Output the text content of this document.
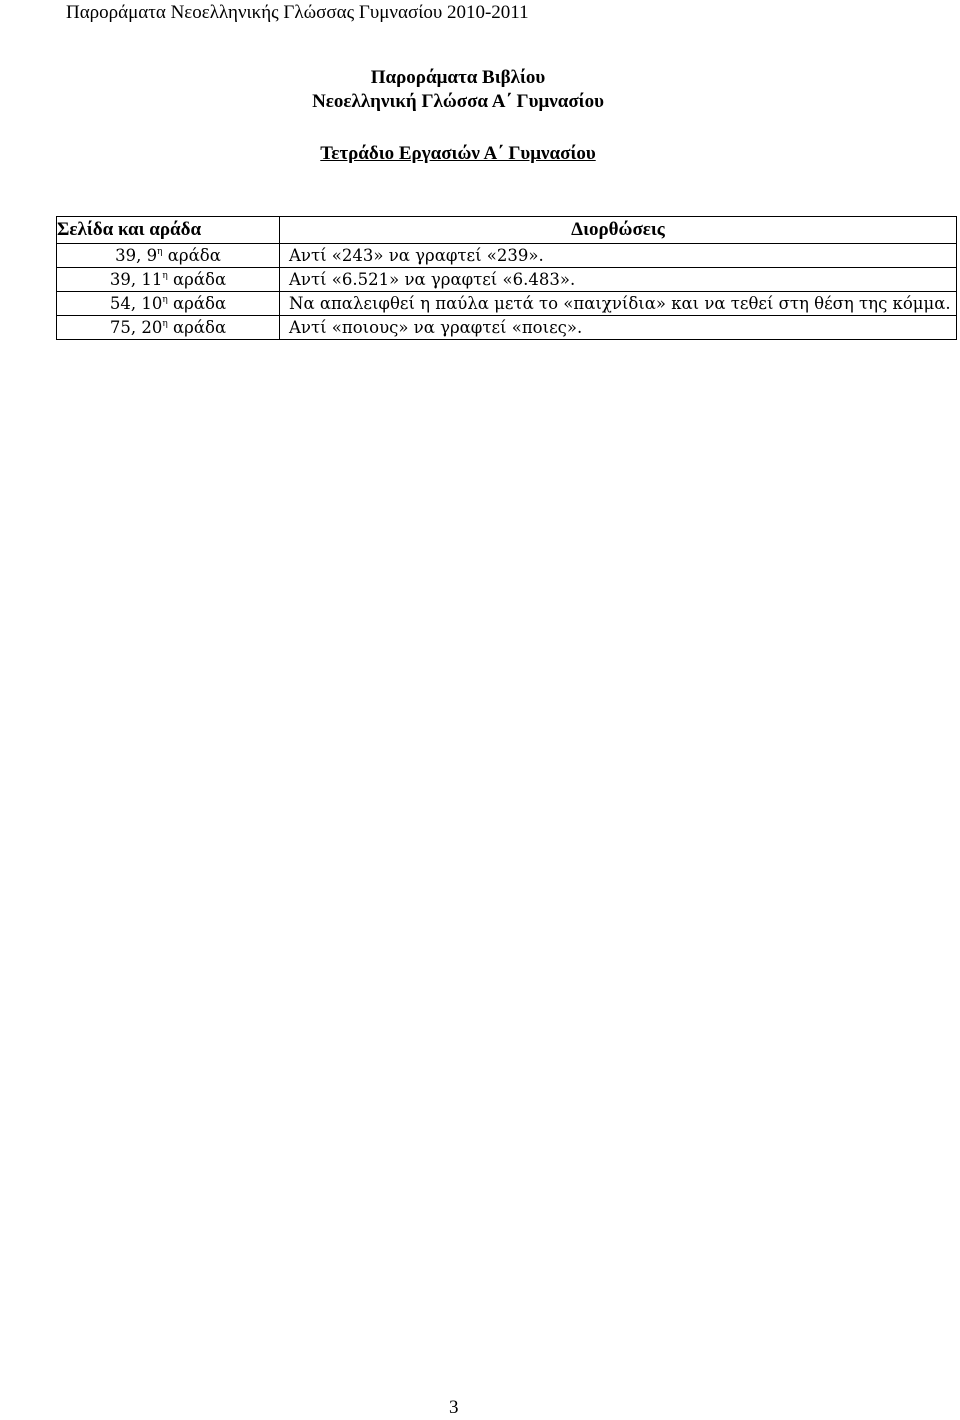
Παροράματα Νεοελληνικής Γλώσσας Γυμνασίου 2010-2011
Παροράματα Βιβλίου
Νεοελληνική Γλώσσα Α΄ Γυμνασίου
Τετράδιο Εργασιών Α΄ Γυμνασίου
Σελίδα και αράδα	Διορθώσεις
39, $9^\eta$ αράδα	Αντί «243» να γραφτεί «239».
39, $11^\eta$ αράδα	Αντί «6.521» να γραφτεί «6.483».
54, $10^\eta$ αράδα	Να απαλειφθεί η παύλα μετά το «παιχνίδια» και να τεθεί στη θέση της κόμμα.
75, $20^\eta$ αράδα	Αντί «ποιους» να γραφτεί «ποιες».
3
